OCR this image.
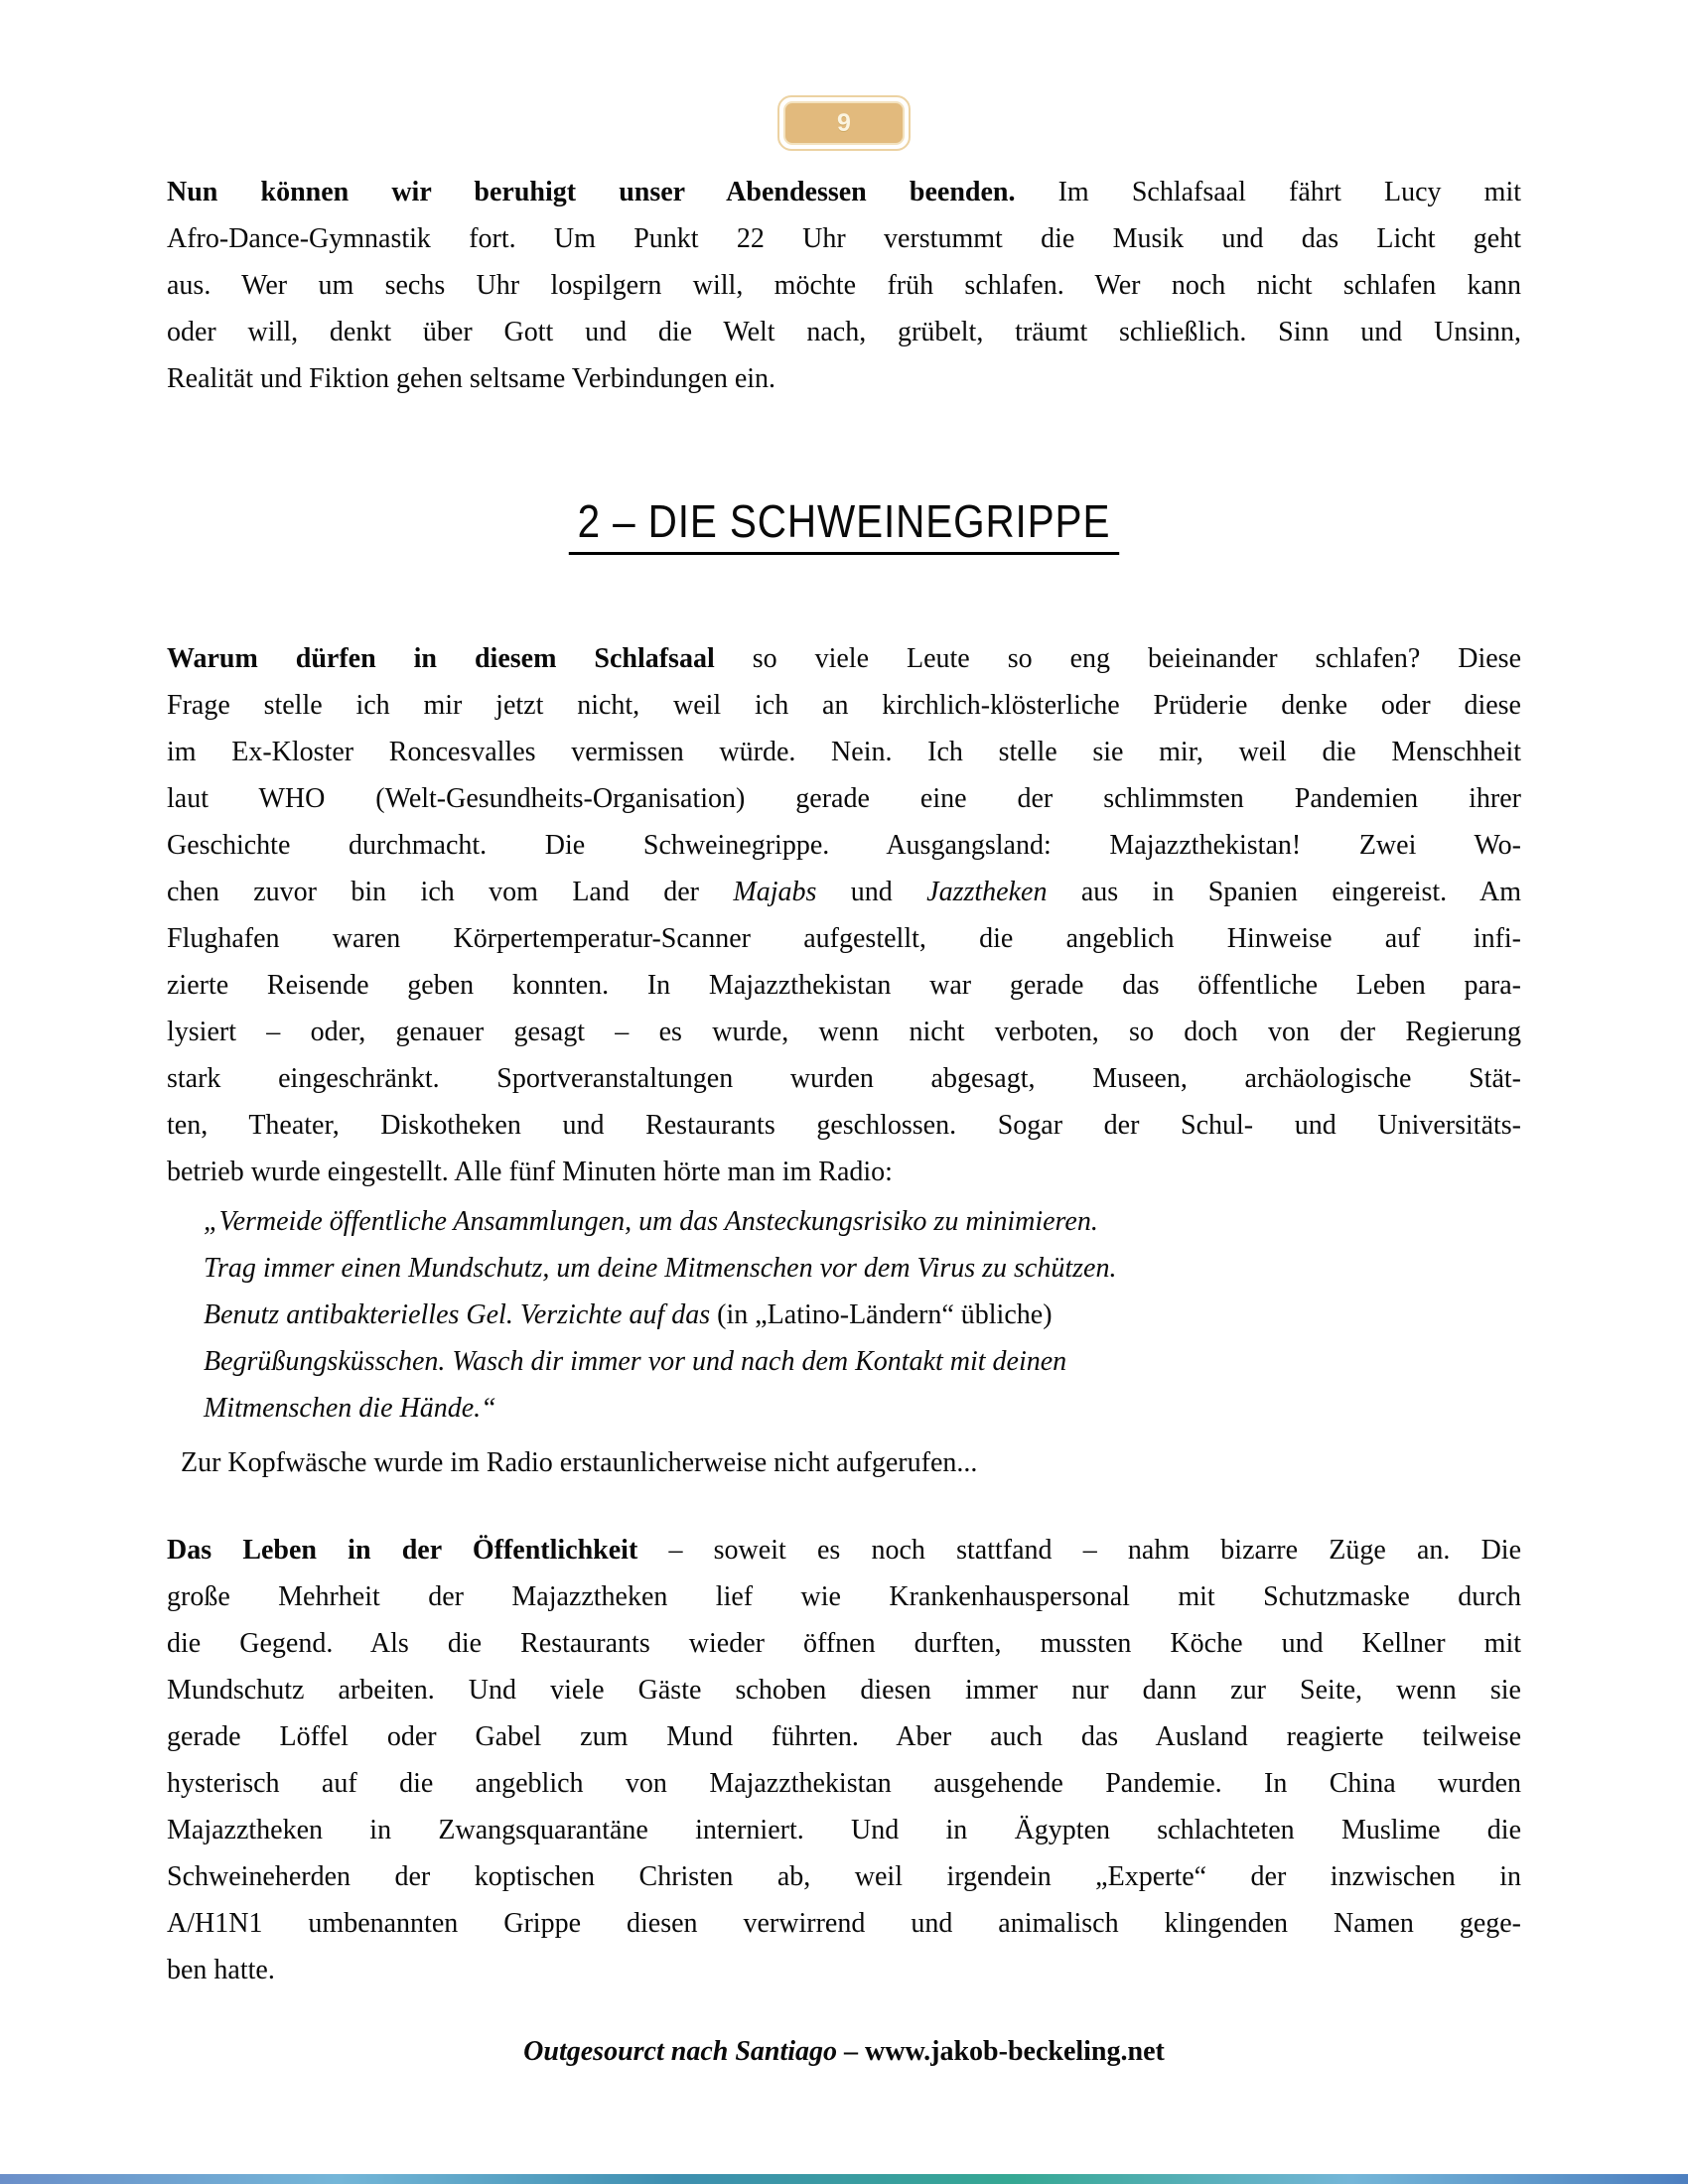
9
Nun können wir beruhigt unser Abendessen beenden. Im Schlafsaal fährt Lucy mit
Afro-Dance-Gymnastik fort. Um Punkt 22 Uhr verstummt die Musik und das Licht geht
aus. Wer um sechs Uhr lospilgern will, möchte früh schlafen. Wer noch nicht schlafen kann
oder will, denkt über Gott und die Welt nach, grübelt, träumt schließlich. Sinn und Unsinn,
Realität und Fiktion gehen seltsame Verbindungen ein.
2 – DIE SCHWEINEGRIPPE
Warum dürfen in diesem Schlafsaal so viele Leute so eng beieinander schlafen? Diese
Frage stelle ich mir jetzt nicht, weil ich an kirchlich-klösterliche Prüderie denke oder diese
im Ex-Kloster Roncesvalles vermissen würde. Nein. Ich stelle sie mir, weil die Menschheit
laut WHO (Welt-Gesundheits-Organisation) gerade eine der schlimmsten Pandemien ihrer
Geschichte durchmacht. Die Schweinegrippe. Ausgangsland: Majazzthekistan! Zwei Wo-
chen zuvor bin ich vom Land der Majabs und Jazztheken aus in Spanien eingereist. Am
Flughafen waren Körpertemperatur-Scanner aufgestellt, die angeblich Hinweise auf infi-
zierte Reisende geben konnten. In Majazzthekistan war gerade das öffentliche Leben para-
lysiert – oder, genauer gesagt – es wurde, wenn nicht verboten, so doch von der Regierung
stark eingeschränkt. Sportveranstaltungen wurden abgesagt, Museen, archäologische Stät-
ten, Theater, Diskotheken und Restaurants geschlossen. Sogar der Schul- und Universitäts-
betrieb wurde eingestellt. Alle fünf Minuten hörte man im Radio:
„Vermeide öffentliche Ansammlungen, um das Ansteckungsrisiko zu minimieren.
Trag immer einen Mundschutz, um deine Mitmenschen vor dem Virus zu schützen.
Benutz antibakterielles Gel. Verzichte auf das (in „Latino-Ländern“ übliche)
Begrüßungsküsschen. Wasch dir immer vor und nach dem Kontakt mit deinen
Mitmenschen die Hände.“
Zur Kopfwäsche wurde im Radio erstaunlicherweise nicht aufgerufen...
Das Leben in der Öffentlichkeit – soweit es noch stattfand – nahm bizarre Züge an. Die
große Mehrheit der Majazztheken lief wie Krankenhauspersonal mit Schutzmaske durch
die Gegend. Als die Restaurants wieder öffnen durften, mussten Köche und Kellner mit
Mundschutz arbeiten. Und viele Gäste schoben diesen immer nur dann zur Seite, wenn sie
gerade Löffel oder Gabel zum Mund führten. Aber auch das Ausland reagierte teilweise
hysterisch auf die angeblich von Majazzthekistan ausgehende Pandemie. In China wurden
Majazztheken in Zwangsquarantäne interniert. Und in Ägypten schlachteten Muslime die
Schweineherden der koptischen Christen ab, weil irgendein „Experte“ der inzwischen in
A/H1N1 umbenannten Grippe diesen verwirrend und animalisch klingenden Namen gege-
ben hatte.
Outgesourct nach Santiago – www.jakob-beckeling.net
